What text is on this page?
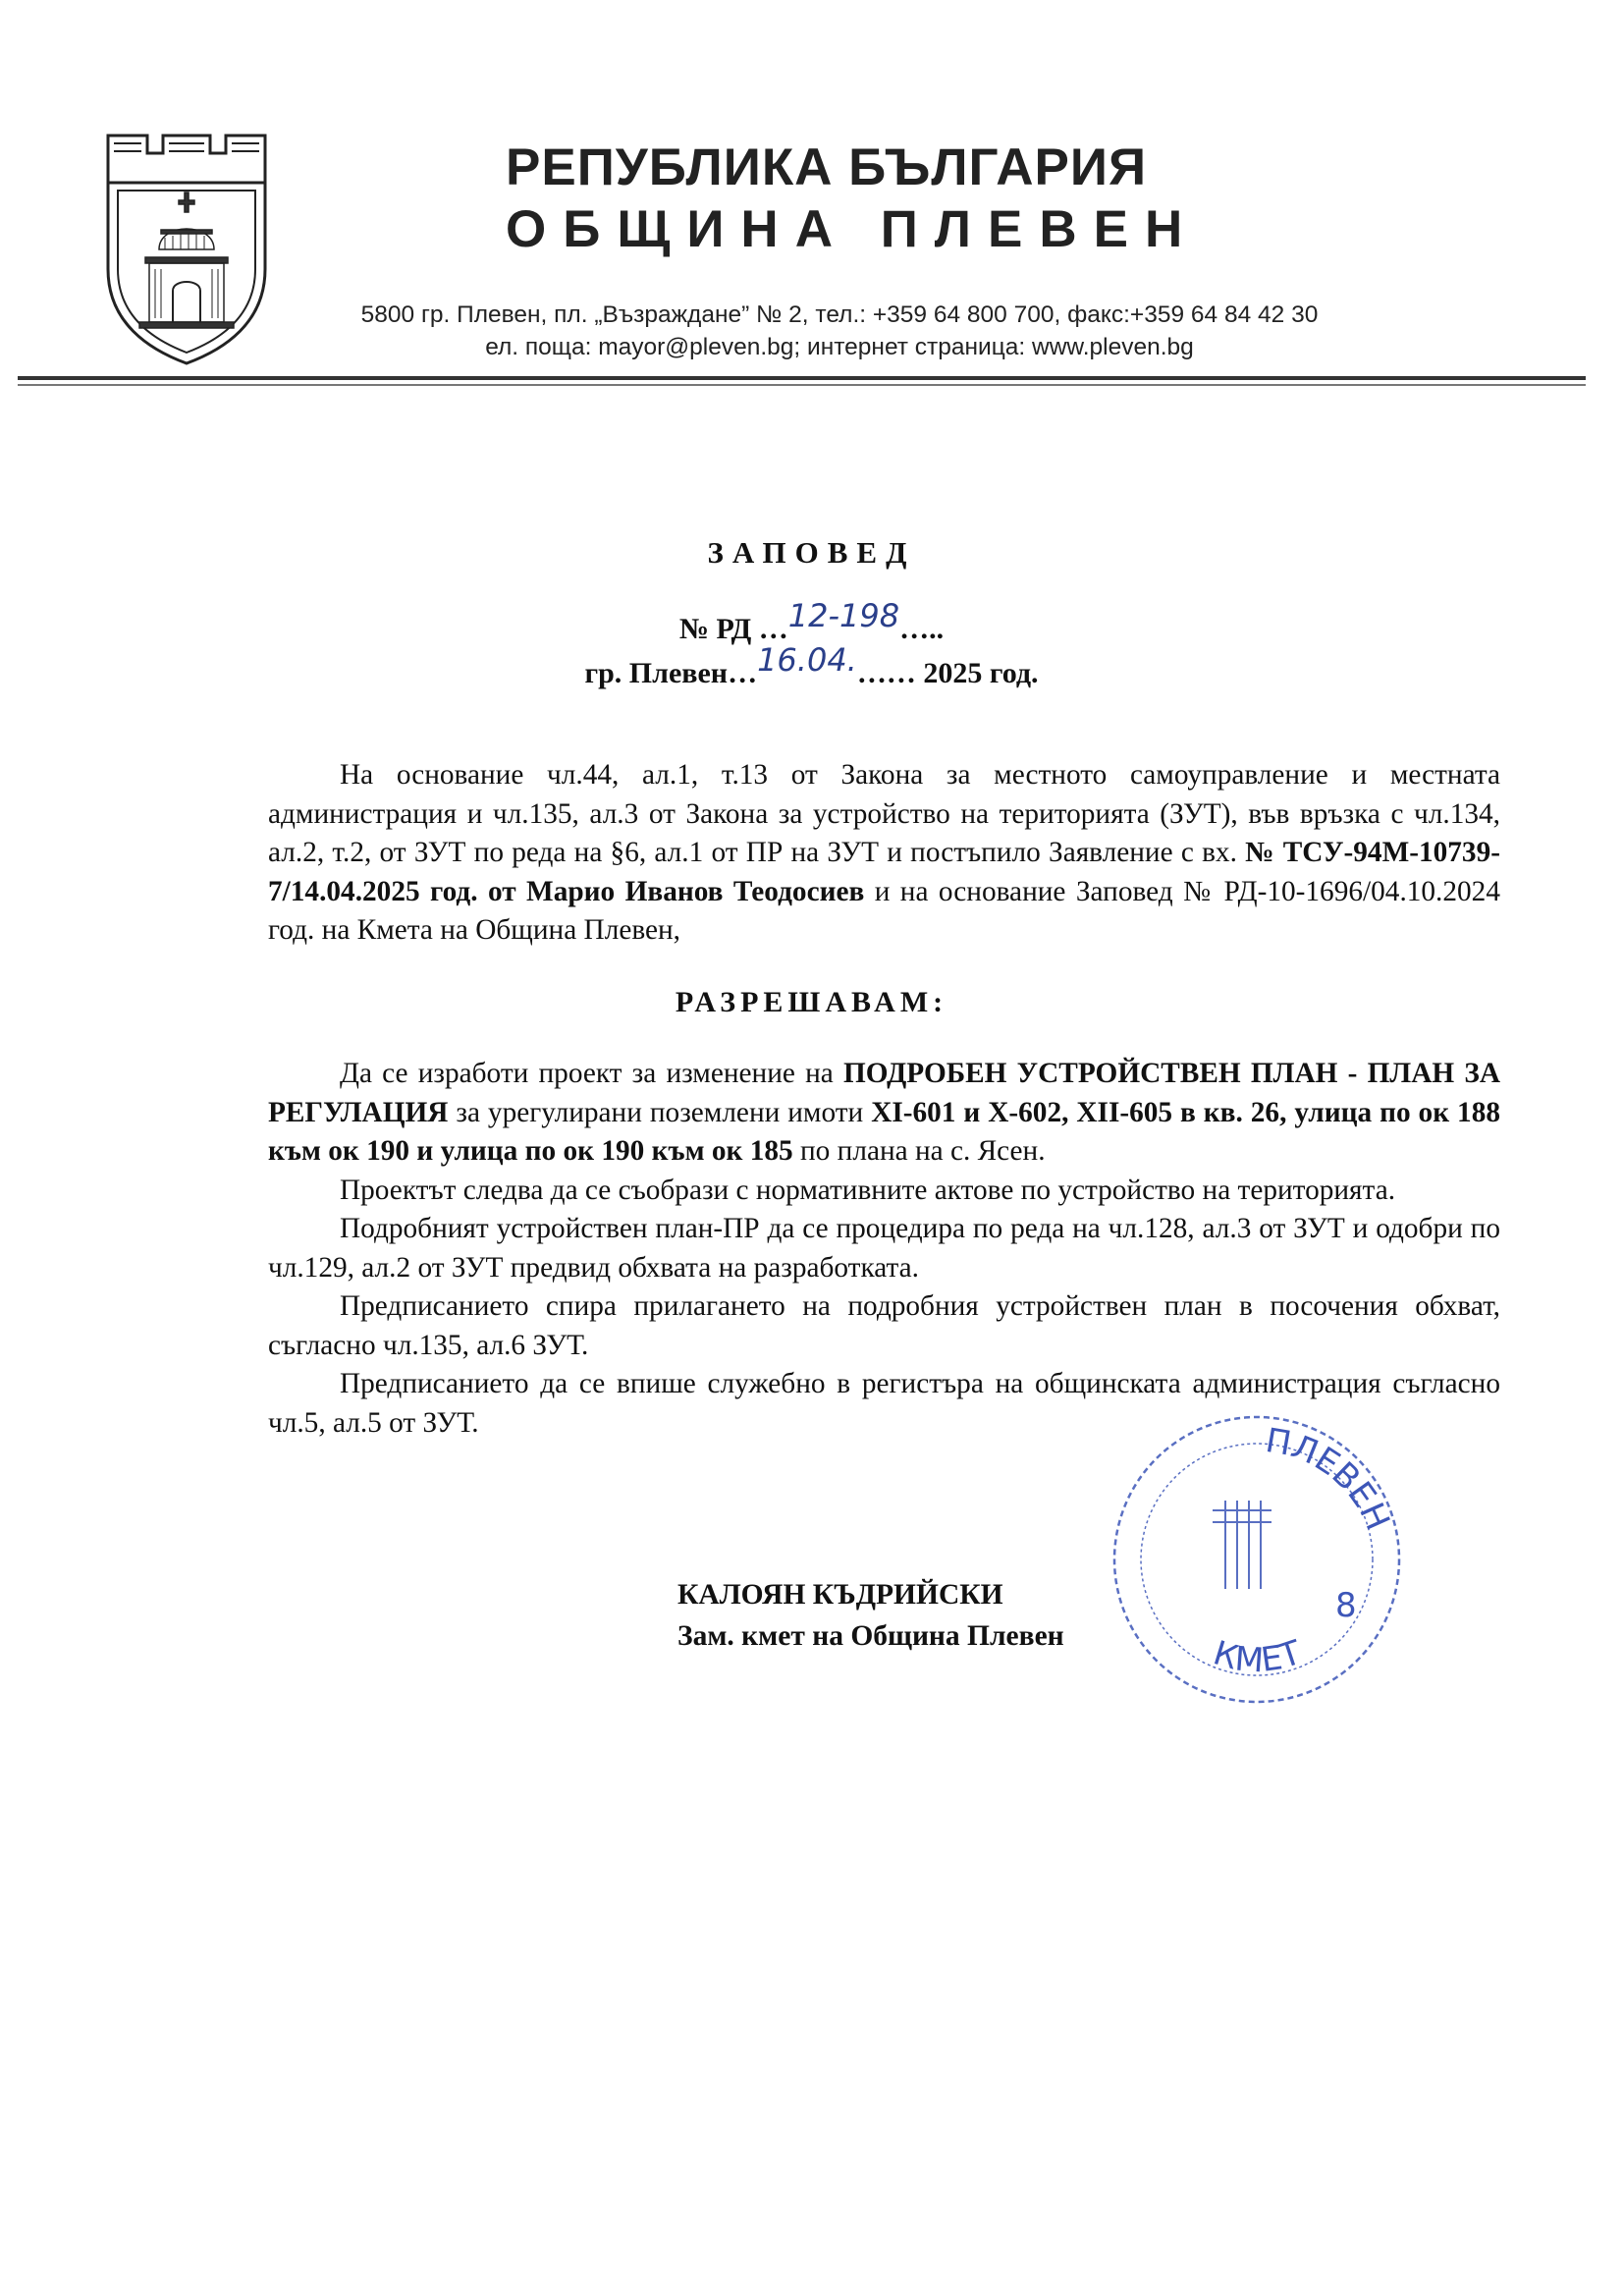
РЕПУБЛИКА БЪЛГАРИЯ
ОБЩИНА ПЛЕВЕН
5800 гр. Плевен, пл. „Възраждане” № 2, тел.: +359 64 800 700, факс:+359 64 84 42 30
ел. поща: mayor@pleven.bg; интернет страница: www.pleven.bg
ЗАПОВЕД
№ РД …12-198…..
гр. Плевен…16.04.…… 2025 год.

На основание чл.44, ал.1, т.13 от Закона за местното самоуправление и местната администрация и чл.135, ал.3 от Закона за устройство на територията (ЗУТ), във връзка с чл.134, ал.2, т.2, от ЗУТ по реда на §6, ал.1 от ПР на ЗУТ и постъпило Заявление с вх. № ТСУ-94М-10739-7/14.04.2025 год. от Марио Иванов Теодосиев и на основание Заповед № РД-10-1696/04.10.2024 год. на Кмета на Община Плевен,

РАЗРЕШАВАМ:

Да се изработи проект за изменение на ПОДРОБЕН УСТРОЙСТВЕН ПЛАН - ПЛАН ЗА РЕГУЛАЦИЯ за урегулирани поземлени имоти XI-601 и X-602, XII-605 в кв. 26, улица по ок 188 към ок 190 и улица по ок 190 към ок 185 по плана на с. Ясен.

Проектът следва да се съобрази с нормативните актове по устройство на територията.

Подробният устройствен план-ПР да се процедира по реда на чл.128, ал.3 от ЗУТ и одобри по чл.129, ал.2 от ЗУТ предвид обхвата на разработката.

Предписанието спира прилагането на подробния устройствен план в посочения обхват, съгласно чл.135, ал.6 ЗУТ.

Предписанието да се впише служебно в регистъра на общинската администрация съгласно чл.5, ал.5 от ЗУТ.

КАЛОЯН КЪДРИЙСКИ
Зам. кмет на Община Плевен
ПЛЕВЕН
КМЕТ
8
